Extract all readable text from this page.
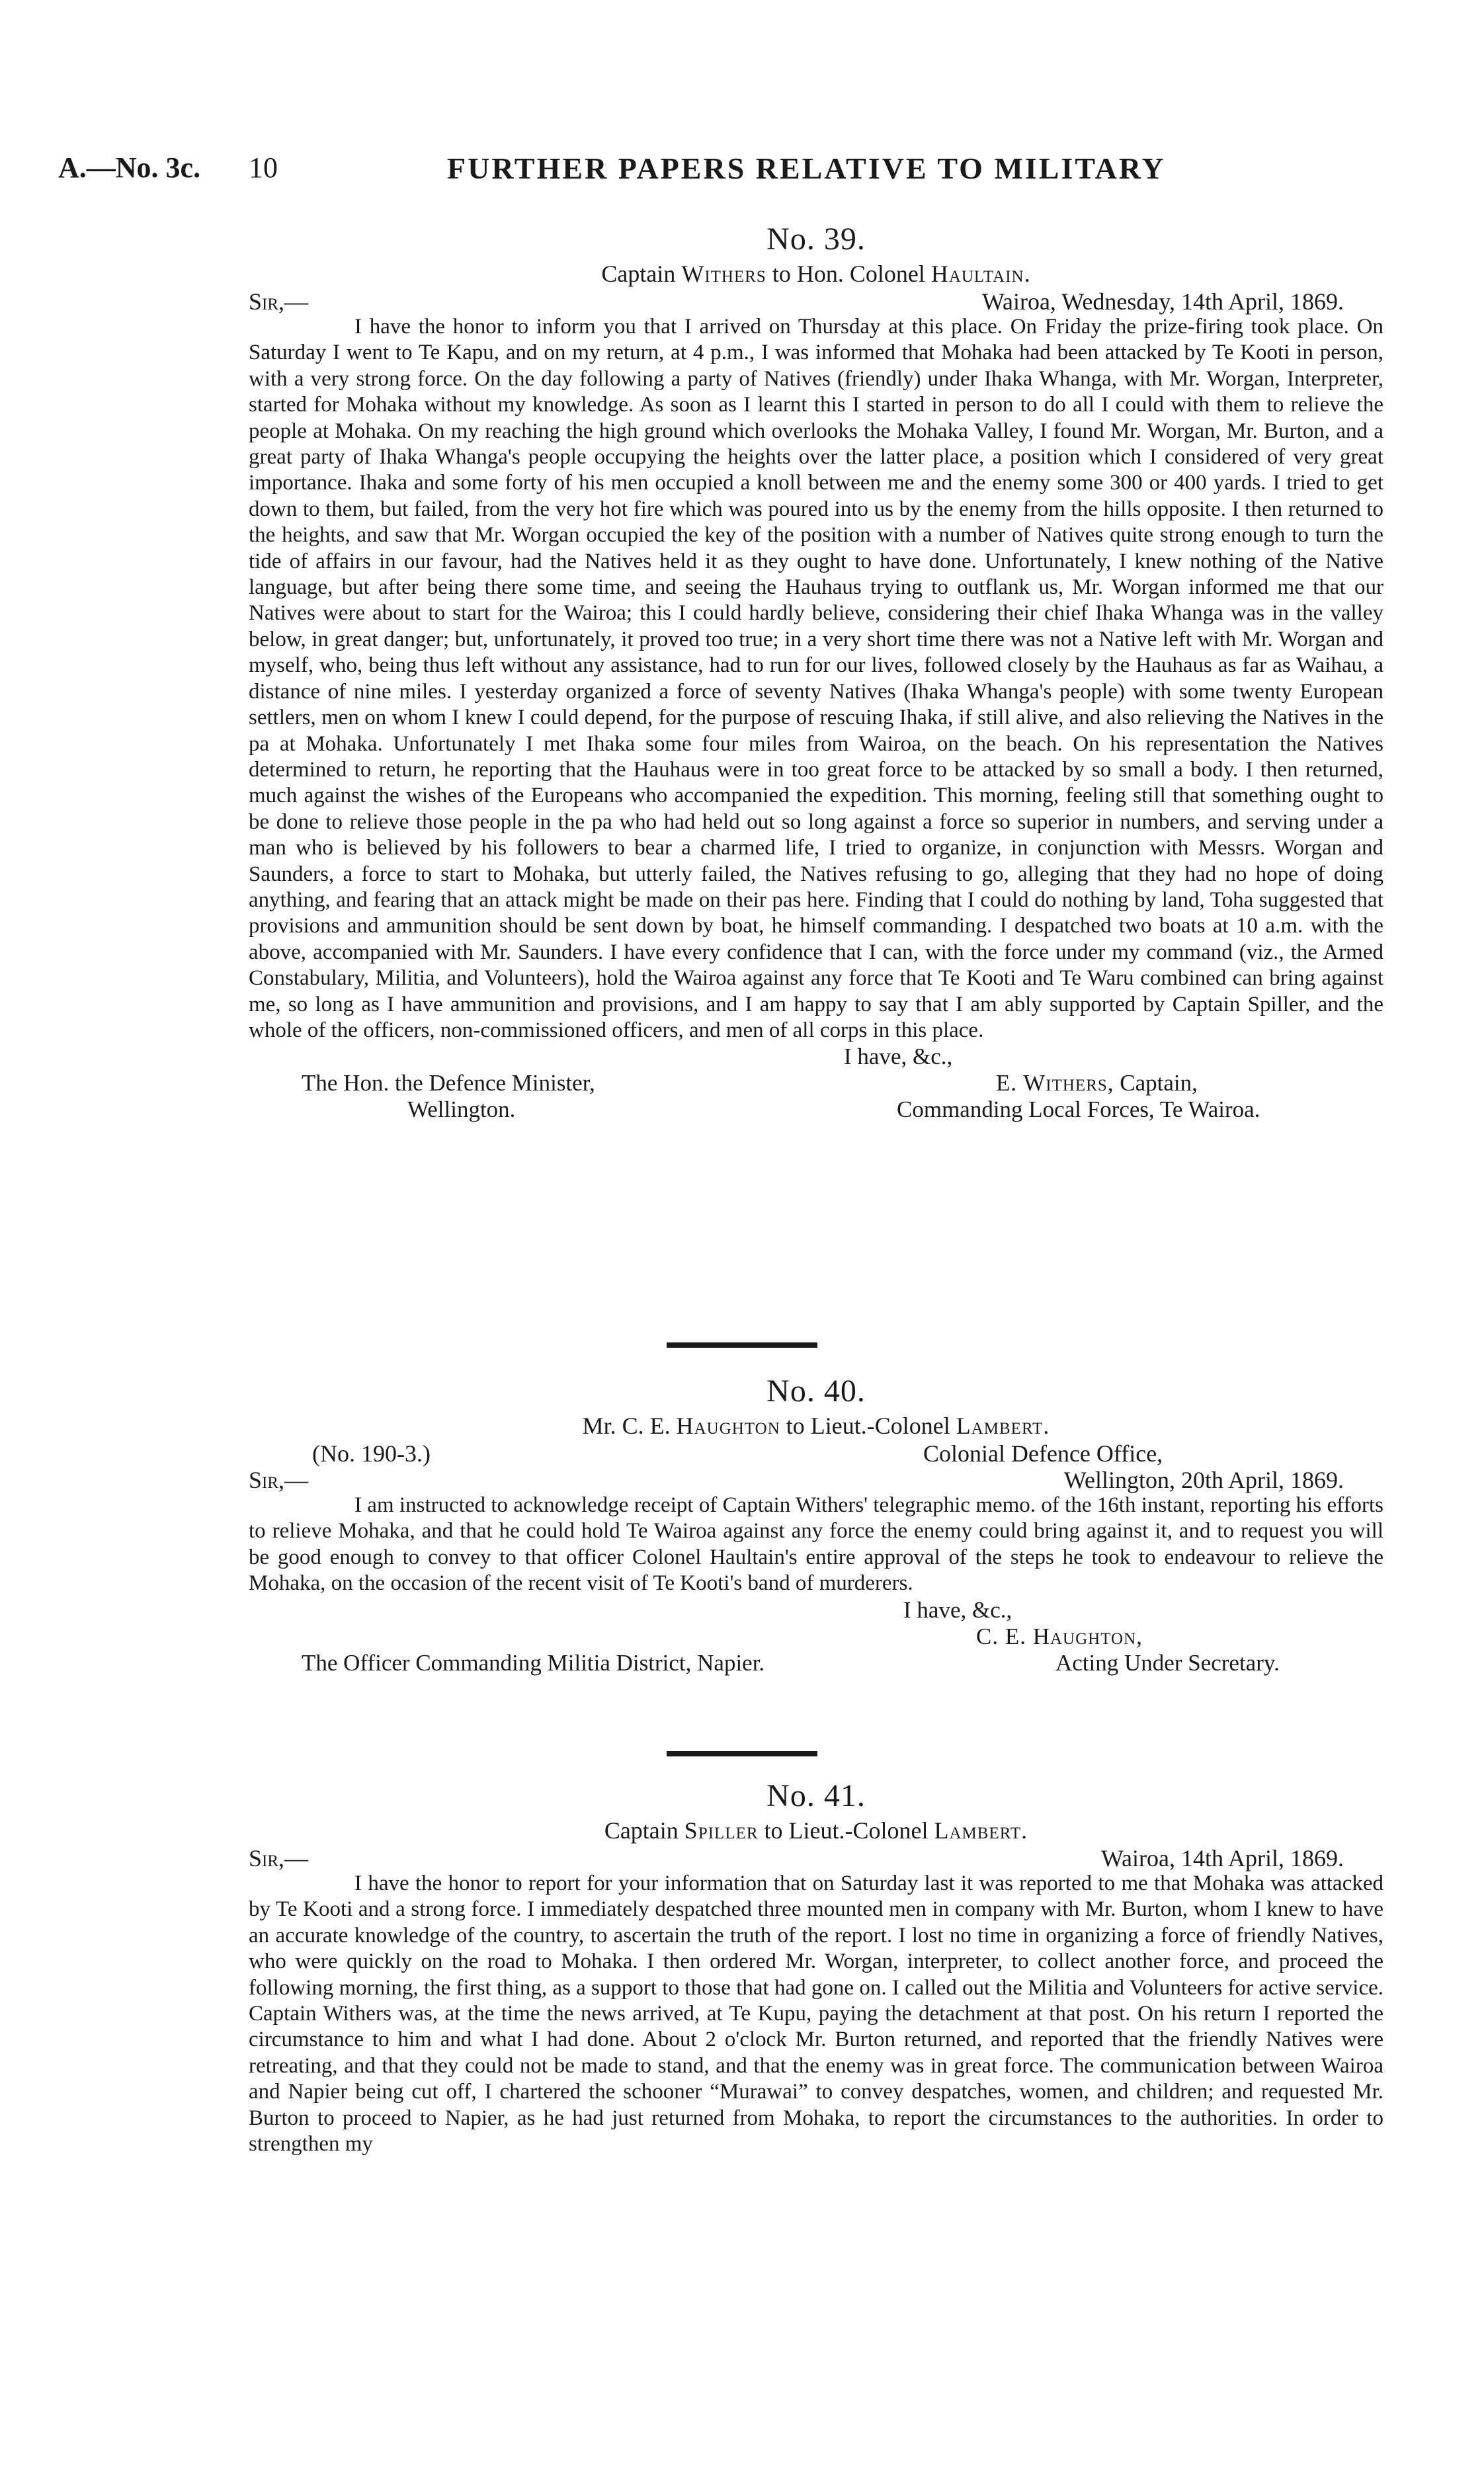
A.—No. 3c. 10	FURTHER PAPERS RELATIVE TO MILITARY
No. 39.
Captain Withers to Hon. Colonel Haultain.
Sir,—	Wairoa, Wednesday, 14th April, 1869.

I have the honor to inform you that I arrived on Thursday at this place. On Friday the prize-firing took place. On Saturday I went to Te Kapu, and on my return, at 4 p.m., I was informed that Mohaka had been attacked by Te Kooti in person, with a very strong force. On the day following a party of Natives (friendly) under Ihaka Whanga, with Mr. Worgan, Interpreter, started for Mohaka without my knowledge. As soon as I learnt this I started in person to do all I could with them to relieve the people at Mohaka. On my reaching the high ground which overlooks the Mohaka Valley, I found Mr. Worgan, Mr. Burton, and a great party of Ihaka Whanga's people occupying the heights over the latter place, a position which I considered of very great importance. Ihaka and some forty of his men occupied a knoll between me and the enemy some 300 or 400 yards. I tried to get down to them, but failed, from the very hot fire which was poured into us by the enemy from the hills opposite. I then returned to the heights, and saw that Mr. Worgan occupied the key of the position with a number of Natives quite strong enough to turn the tide of affairs in our favour, had the Natives held it as they ought to have done. Unfortunately, I knew nothing of the Native language, but after being there some time, and seeing the Hauhaus trying to outflank us, Mr. Worgan informed me that our Natives were about to start for the Wairoa; this I could hardly believe, considering their chief Ihaka Whanga was in the valley below, in great danger; but, unfortunately, it proved too true; in a very short time there was not a Native left with Mr. Worgan and myself, who, being thus left without any assistance, had to run for our lives, followed closely by the Hauhaus as far as Waihau, a distance of nine miles. I yesterday organized a force of seventy Natives (Ihaka Whanga's people) with some twenty European settlers, men on whom I knew I could depend, for the purpose of rescuing Ihaka, if still alive, and also relieving the Natives in the pa at Mohaka. Unfortunately I met Ihaka some four miles from Wairoa, on the beach. On his representation the Natives determined to return, he reporting that the Hauhaus were in too great force to be attacked by so small a body. I then returned, much against the wishes of the Europeans who accompanied the expedition. This morning, feeling still that something ought to be done to relieve those people in the pa who had held out so long against a force so superior in numbers, and serving under a man who is believed by his followers to bear a charmed life, I tried to organize, in conjunction with Messrs. Worgan and Saunders, a force to start to Mohaka, but utterly failed, the Natives refusing to go, alleging that they had no hope of doing anything, and fearing that an attack might be made on their pas here. Finding that I could do nothing by land, Toha suggested that provisions and ammunition should be sent down by boat, he himself commanding. I despatched two boats at 10 a.m. with the above, accompanied with Mr. Saunders. I have every confidence that I can, with the force under my command (viz., the Armed Constabulary, Militia, and Volunteers), hold the Wairoa against any force that Te Kooti and Te Waru combined can bring against me, so long as I have ammunition and provisions, and I am happy to say that I am ably supported by Captain Spiller, and the whole of the officers, non-commissioned officers, and men of all corps in this place.

I have, &c.,
The Hon. the Defence Minister,	E. Withers, Captain,
Wellington.	Commanding Local Forces, Te Wairoa.
No. 40.
Mr. C. E. Haughton to Lieut.-Colonel Lambert.
(No. 190-3.)	Colonial Defence Office,
Sir,—	Wellington, 20th April, 1869.

I am instructed to acknowledge receipt of Captain Withers' telegraphic memo. of the 16th instant, reporting his efforts to relieve Mohaka, and that he could hold Te Wairoa against any force the enemy could bring against it, and to request you will be good enough to convey to that officer Colonel Haultain's entire approval of the steps he took to endeavour to relieve the Mohaka, on the occasion of the recent visit of Te Kooti's band of murderers.

I have, &c.,
C. E. Haughton,
The Officer Commanding Militia District, Napier.	Acting Under Secretary.
No. 41.
Captain Spiller to Lieut.-Colonel Lambert.
Sir,—	Wairoa, 14th April, 1869.

I have the honor to report for your information that on Saturday last it was reported to me that Mohaka was attacked by Te Kooti and a strong force. I immediately despatched three mounted men in company with Mr. Burton, whom I knew to have an accurate knowledge of the country, to ascertain the truth of the report. I lost no time in organizing a force of friendly Natives, who were quickly on the road to Mohaka. I then ordered Mr. Worgan, interpreter, to collect another force, and proceed the following morning, the first thing, as a support to those that had gone on. I called out the Militia and Volunteers for active service. Captain Withers was, at the time the news arrived, at Te Kupu, paying the detachment at that post. On his return I reported the circumstance to him and what I had done. About 2 o'clock Mr. Burton returned, and reported that the friendly Natives were retreating, and that they could not be made to stand, and that the enemy was in great force. The communication between Wairoa and Napier being cut off, I chartered the schooner “Murawai” to convey despatches, women, and children; and requested Mr. Burton to proceed to Napier, as he had just returned from Mohaka, to report the circumstances to the authorities. In order to strengthen my
